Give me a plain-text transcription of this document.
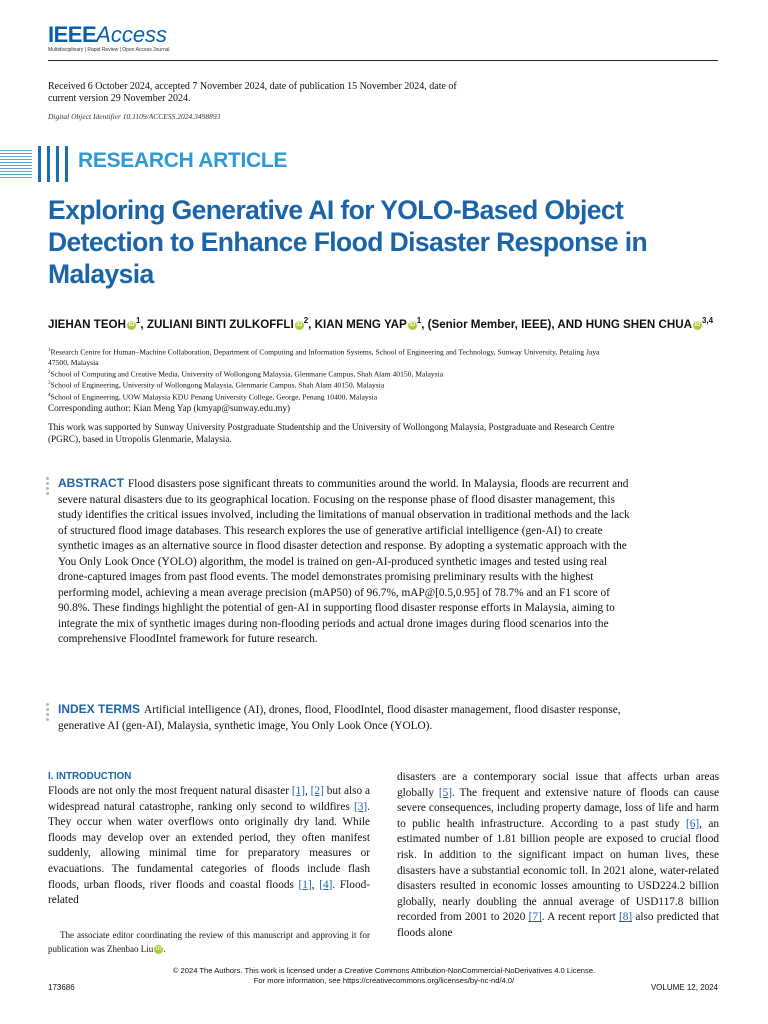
IEEEAccess
Multidisciplinary | Rapid Review | Open Access Journal
Received 6 October 2024, accepted 7 November 2024, date of publication 15 November 2024, date of current version 29 November 2024.
Digital Object Identifier 10.1109/ACCESS.2024.3498893
RESEARCH ARTICLE
Exploring Generative AI for YOLO-Based Object Detection to Enhance Flood Disaster Response in Malaysia
JIEHAN TEOH iD $^1$, ZULIANI BINTI ZULKOFFLI iD $^2$, KIAN MENG YAP iD $^1$, (Senior Member, IEEE), AND HUNG SHEN CHUA iD $^{3,4}$
$^1$Research Centre for Human–Machine Collaboration, Department of Computing and Information Systems, School of Engineering and Technology, Sunway University, Petaling Jaya 47500, Malaysia
$^2$School of Computing and Creative Media, University of Wollongong Malaysia, Glenmarie Campus, Shah Alam 40150, Malaysia
$^3$School of Engineering, University of Wollongong Malaysia, Glenmarie Campus, Shah Alam 40150, Malaysia
$^4$School of Engineering, UOW Malaysia KDU Penang University College, George, Penang 10400, Malaysia
Corresponding author: Kian Meng Yap (kmyap@sunway.edu.my)
This work was supported by Sunway University Postgraduate Studentship and the University of Wollongong Malaysia, Postgraduate and Research Centre (PGRC), based in Utropolis Glenmarie, Malaysia.
ABSTRACT Flood disasters pose significant threats to communities around the world. In Malaysia, floods are recurrent and severe natural disasters due to its geographical location. Focusing on the response phase of flood disaster management, this study identifies the critical issues involved, including the limitations of manual observation in traditional methods and the lack of structured flood image databases. This research explores the use of generative artificial intelligence (gen-AI) to create synthetic images as an alternative source in flood disaster detection and response. By adopting a systematic approach with the You Only Look Once (YOLO) algorithm, the model is trained on gen-AI-produced synthetic images and tested using real drone-captured images from past flood events. The model demonstrates promising preliminary results with the highest performing model, achieving a mean average precision (mAP50) of 96.7%, mAP@[0.5,0.95] of 78.7% and an F1 score of 90.8%. These findings highlight the potential of gen-AI in supporting flood disaster response efforts in Malaysia, aiming to integrate the mix of synthetic images during non-flooding periods and actual drone images during flood scenarios into the comprehensive FloodIntel framework for future research.
INDEX TERMS Artificial intelligence (AI), drones, flood, FloodIntel, flood disaster management, flood disaster response, generative AI (gen-AI), Malaysia, synthetic image, You Only Look Once (YOLO).
I. INTRODUCTION

Floods are not only the most frequent natural disaster [1], [2] but also a widespread natural catastrophe, ranking only second to wildfires [3]. They occur when water overflows onto originally dry land. While floods may develop over an extended period, they often manifest suddenly, allowing minimal time for preparatory measures or evacuations. The fundamental categories of floods include flash floods, urban floods, river floods and coastal floods [1], [4]. Flood-related

disasters are a contemporary social issue that affects urban areas globally [5]. The frequent and extensive nature of floods can cause severe consequences, including property damage, loss of life and harm to public health infrastructure. According to a past study [6], an estimated number of 1.81 billion people are exposed to crucial flood risk. In addition to the significant impact on human lives, these disasters have a substantial economic toll. In 2021 alone, water-related disasters resulted in economic losses amounting to USD224.2 billion globally, nearly doubling the annual average of USD117.8 billion recorded from 2001 to 2020 [7]. A recent report [8] also predicted that floods alone

The associate editor coordinating the review of this manuscript and approving it for publication was Zhenbao Liu iD .
© 2024 The Authors. This work is licensed under a Creative Commons Attribution-NonCommercial-NoDerivatives 4.0 License.
For more information, see https://creativecommons.org/licenses/by-nc-nd/4.0/
173686	VOLUME 12, 2024
